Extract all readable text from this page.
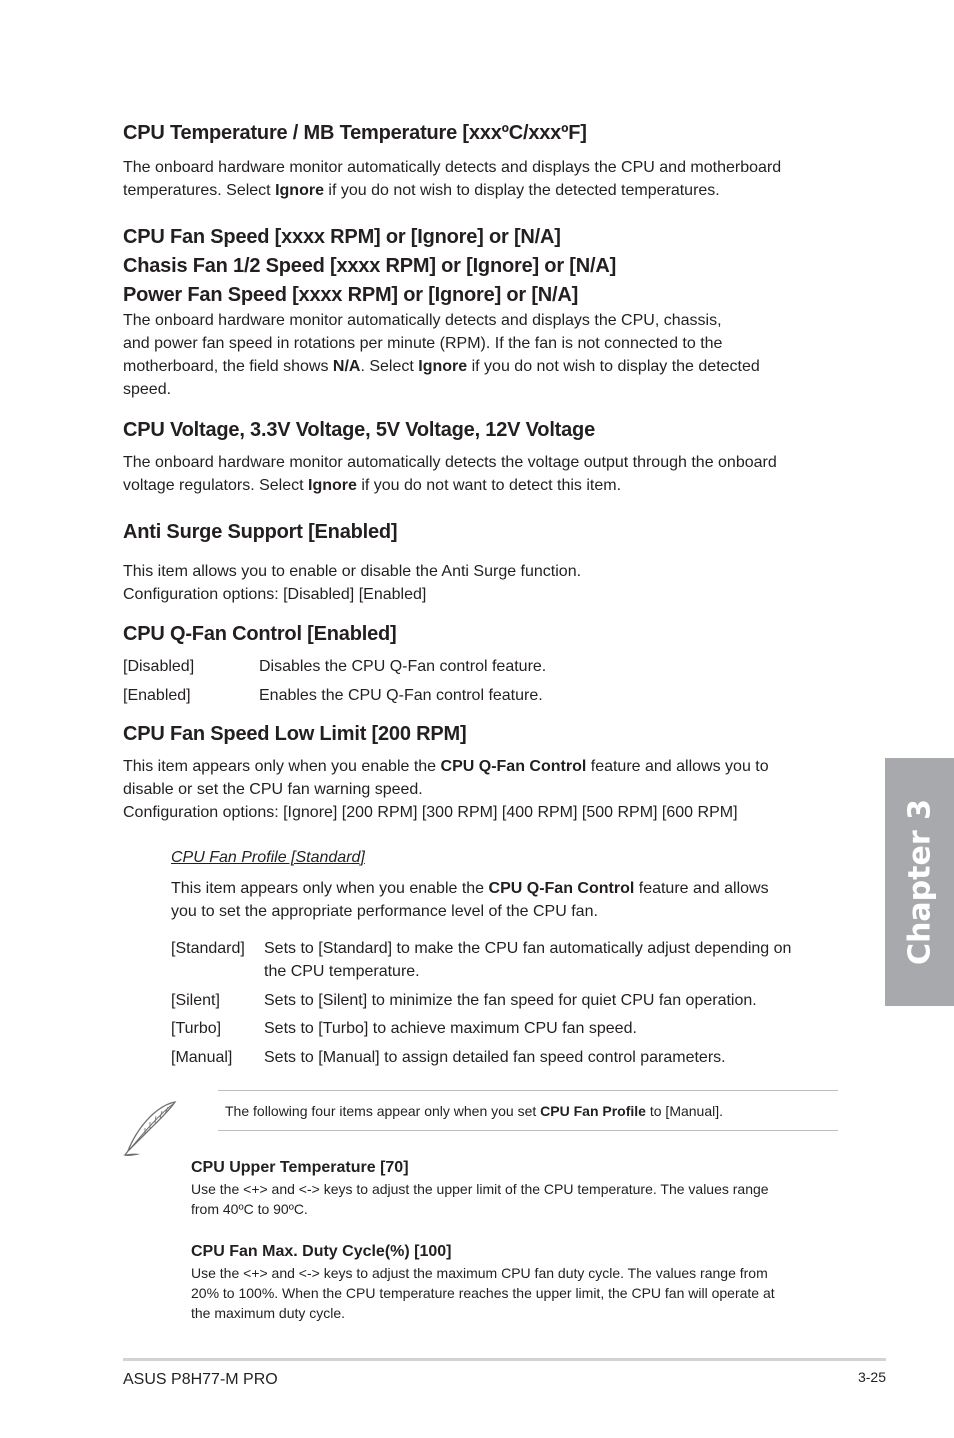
CPU Temperature / MB Temperature [xxxºC/xxxºF]
The onboard hardware monitor automatically detects and displays the CPU and motherboard
temperatures. Select Ignore if you do not wish to display the detected temperatures.
CPU Fan Speed [xxxx RPM] or [Ignore] or [N/A]
Chasis Fan 1/2 Speed [xxxx RPM] or [Ignore] or [N/A]
Power Fan Speed [xxxx RPM] or [Ignore] or [N/A]
The onboard hardware monitor automatically detects and displays the CPU, chassis,
and power fan speed in rotations per minute (RPM). If the fan is not connected to the
motherboard, the field shows N/A. Select Ignore if you do not wish to display the detected
speed.
CPU Voltage, 3.3V Voltage, 5V Voltage, 12V Voltage
The onboard hardware monitor automatically detects the voltage output through the onboard
voltage regulators. Select Ignore if you do not want to detect this item.
Anti Surge Support [Enabled]
This item allows you to enable or disable the Anti Surge function.
Configuration options: [Disabled] [Enabled]
CPU Q-Fan Control [Enabled]
[Disabled]	Disables the CPU Q-Fan control feature.
[Enabled]	Enables the CPU Q-Fan control feature.
CPU Fan Speed Low Limit [200 RPM]
This item appears only when you enable the CPU Q-Fan Control feature and allows you to
disable or set the CPU fan warning speed.
Configuration options: [Ignore] [200 RPM] [300 RPM] [400 RPM] [500 RPM] [600 RPM]
CPU Fan Profile [Standard]
This item appears only when you enable the CPU Q-Fan Control feature and allows
you to set the appropriate performance level of the CPU fan.
[Standard] Sets to [Standard] to make the CPU fan automatically adjust depending on
the CPU temperature.
[Silent]	Sets to [Silent] to minimize the fan speed for quiet CPU fan operation.
[Turbo]	Sets to [Turbo] to achieve maximum CPU fan speed.
[Manual] Sets to [Manual] to assign detailed fan speed control parameters.
The following four items appear only when you set CPU Fan Profile to [Manual].
CPU Upper Temperature [70]
Use the <+> and <-> keys to adjust the upper limit of the CPU temperature. The values range
from 40ºC to 90ºC.
CPU Fan Max. Duty Cycle(%) [100]
Use the <+> and <-> keys to adjust the maximum CPU fan duty cycle. The values range from
20% to 100%. When the CPU temperature reaches the upper limit, the CPU fan will operate at
the maximum duty cycle.
Chapter 3
ASUS P8H77-M PRO	3-25
